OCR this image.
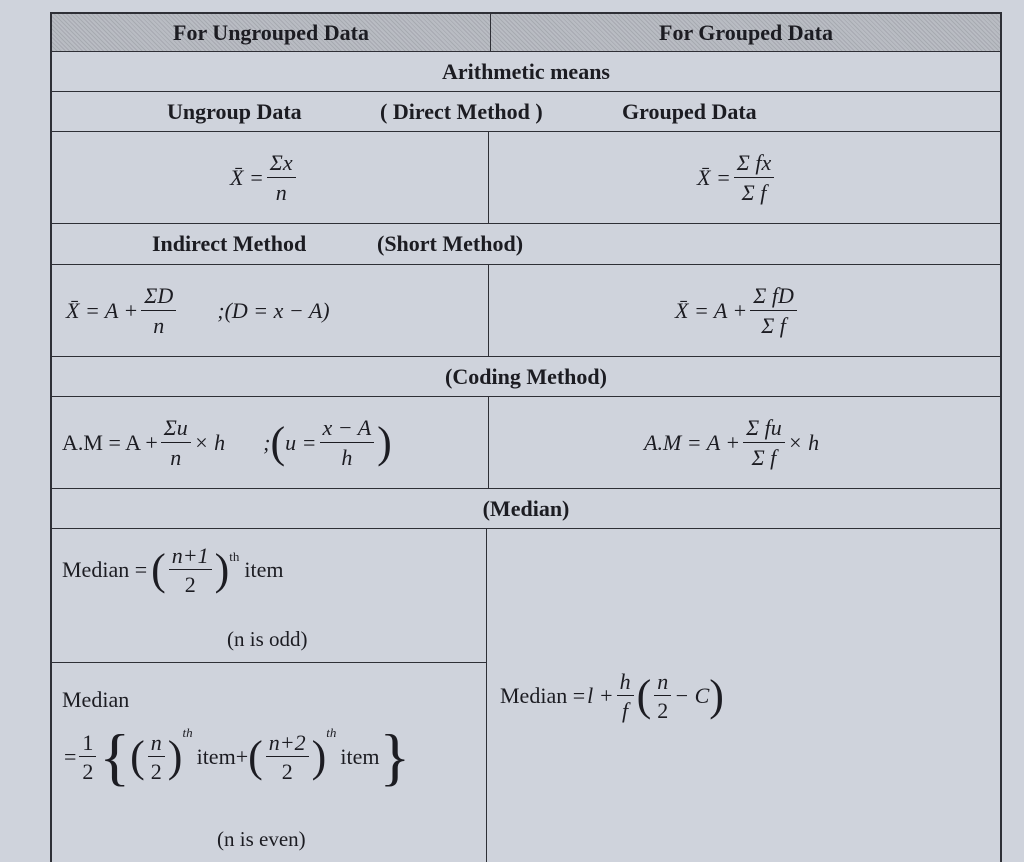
For Ungrouped Data	For Grouped Data
Arithmetic means
Ungroup Data	( Direct Method )	Grouped Data
X̄ = $\frac{\Sigma x}{n}$	X̄ = $\frac{\text{Σ fx}}{\text{Σ f}}$
Indirect Method	(Short Method)
X̄ = $A + \frac{\Sigma D}{n}$ ;(D = x − A)	X̄ = $A + \frac{\text{Σ fD}}{\text{Σ f}}$
(Coding Method)
$A.M = A + \frac{\Sigma u}{n} \times h$ ; ( $u = \frac{x - A}{h}$ )	$A.M = A + \frac{\text{Σ fu}}{\text{Σ f}} \times h$
(Median)
Median = ( $\frac{n+1}{2}$ ) th
item
(n is odd)
Median
= $\frac{1}{2}$ { ( $\frac{n}{2}$ ) th
item + ( $\frac{n+2}{2}$ ) th
item }
(n is even)
Median = $l + \frac{h}{f}$ ( $\frac{n}{2} - C$ )
